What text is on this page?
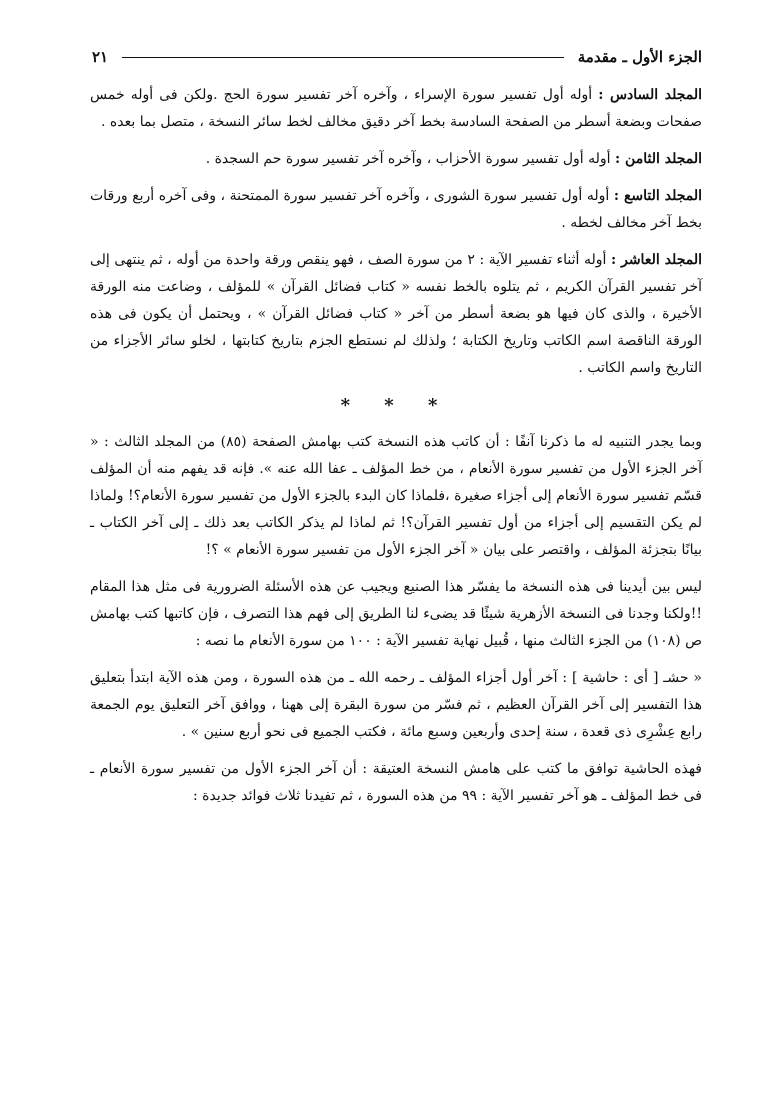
الجزء الأول ـ مقدمة
٢١

المجلد السادس : أوله أول تفسير سورة الإسراء ، وآخره آخر تفسير سورة الحج .ولكن فى أوله خمس صفحات وبضعة أسطر من الصفحة السادسة بخط آخر دقيق مخالف لخط سائر النسخة ، متصل بما بعده .

المجلد الثامن : أوله أول تفسير سورة الأحزاب ، وآخره آخر تفسير سورة حم السجدة .

المجلد التاسع : أوله أول تفسير سورة الشورى ، وآخره آخر تفسير سورة الممتحنة ، وفى آخره أربع ورقات بخط آخر مخالف لخطه .

المجلد العاشر : أوله أثناء تفسير الآية : ٢ من سورة الصف ، فهو ينقص ورقة واحدة من أوله ، ثم ينتهى إلى آخر تفسير القرآن الكريم ، ثم يتلوه بالخط نفسه « كتاب فضائل القرآن » للمؤلف ، وضاعت منه الورقة الأخيرة ، والذى كان فيها هو بضعة أسطر من آخر « كتاب فضائل القرآن » ، ويحتمل أن يكون فى هذه الورقة الناقصة اسم الكاتب وتاريخ الكتابة ؛ ولذلك لم نستطع الجزم بتاريخ كتابتها ، لخلو سائر الأجزاء من التاريخ واسم الكاتب .

* * *

وبما يجدر التنبيه له ما ذكرنا آنفًا : أن كاتب هذه النسخة كتب بهامش الصفحة (٨٥) من المجلد الثالث : « آخر الجزء الأول من تفسير سورة الأنعام ، من خط المؤلف ـ عفا الله عنه ». فإنه قد يفهم منه أن المؤلف قسّم تفسير سورة الأنعام إلى أجزاء صغيرة ،فلماذا كان البدء بالجزء الأول من تفسير سورة الأنعام؟! ولماذا لم يكن التقسيم إلى أجزاء من أول تفسير القرآن؟! ثم لماذا لم يذكر الكاتب بعد ذلك ـ إلى آخر الكتاب ـ بيانًا بتجزئة المؤلف ، واقتصر على بيان « آخر الجزء الأول من تفسير سورة الأنعام » ؟!

ليس بين أيدينا فى هذه النسخة ما يفسّر هذا الصنيع ويجيب عن هذه الأسئلة الضرورية فى مثل هذا المقام !!ولكنا وجدنا فى النسخة الأزهرية شيئًا قد يضىء لنا الطريق إلى فهم هذا التصرف ، فإن كاتبها كتب بهامش ص (١٠٨) من الجزء الثالث منها ، قُبيل نهاية تفسير الآية : ١٠٠ من سورة الأنعام ما نصه :

« حشـ [ أى : حاشية ] : آخر أول أجزاء المؤلف ـ رحمه الله ـ من هذه السورة ، ومن هذه الآية ابتدأ بتعليق هذا التفسير إلى آخر القرآن العظيم ، ثم فسّر من سورة البقرة إلى ههنا ، ووافق آخر التعليق يوم الجمعة رابع عِشْرِى ذى قعدة ، سنة إحدى وأربعين وسبع مائة ، فكتب الجميع فى نحو أربع سنين » .

فهذه الحاشية توافق ما كتب على هامش النسخة العتيقة : أن آخر الجزء الأول من تفسير سورة الأنعام ـ فى خط المؤلف ـ هو آخر تفسير الآية : ٩٩ من هذه السورة ، ثم تفيدنا ثلاث فوائد جديدة :
